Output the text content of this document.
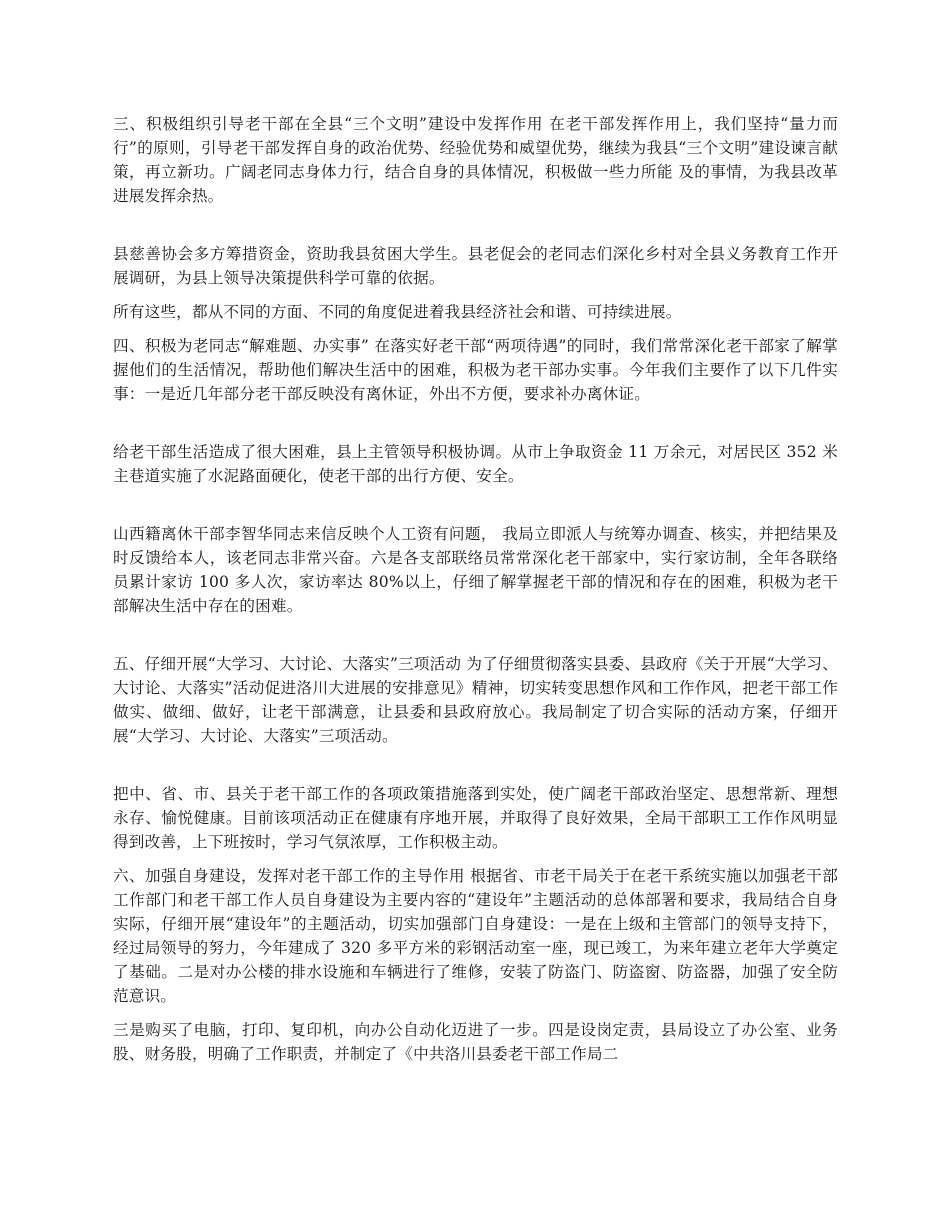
三、积极组织引导老干部在全县“三个文明”建设中发挥作用 在老干部发挥作用上，我们坚持“量力而行”的原则，引导老干部发挥自身的政治优势、经验优势和威望优势，继续为我县“三个文明”建设谏言献策，再立新功。广阔老同志身体力行，结合自身的具体情况，积极做一些力所能 及的事情，为我县改革进展发挥余热。

县慈善协会多方筹措资金，资助我县贫困大学生。县老促会的老同志们深化乡村对全县义务教育工作开展调研，为县上领导决策提供科学可靠的依据。

所有这些，都从不同的方面、不同的角度促进着我县经济社会和谐、可持续进展。

四、积极为老同志“解难题、办实事” 在落实好老干部“两项待遇”的同时，我们常常深化老干部家了解掌握他们的生活情况，帮助他们解决生活中的困难，积极为老干部办实事。今年我们主要作了以下几件实事：一是近几年部分老干部反映没有离休证，外出不方便，要求补办离休证。

给老干部生活造成了很大困难，县上主管领导积极协调。从市上争取资金 11 万余元，对居民区 352 米主巷道实施了水泥路面硬化，使老干部的出行方便、安全。

山西籍离休干部李智华同志来信反映个人工资有问题， 我局立即派人与统筹办调查、核实，并把结果及时反馈给本人，该老同志非常兴奋。六是各支部联络员常常深化老干部家中，实行家访制，全年各联络员累计家访 100 多人次，家访率达 80%以上，仔细了解掌握老干部的情况和存在的困难，积极为老干部解决生活中存在的困难。

五、仔细开展“大学习、大讨论、大落实”三项活动 为了仔细贯彻落实县委、县政府《关于开展“大学习、大讨论、大落实”活动促进洛川大进展的安排意见》精神，切实转变思想作风和工作作风，把老干部工作做实、做细、做好，让老干部满意，让县委和县政府放心。我局制定了切合实际的活动方案，仔细开展“大学习、大讨论、大落实”三项活动。

把中、省、市、县关于老干部工作的各项政策措施落到实处，使广阔老干部政治坚定、思想常新、理想永存、愉悦健康。目前该项活动正在健康有序地开展，并取得了良好效果，全局干部职工工作作风明显得到改善，上下班按时，学习气氛浓厚，工作积极主动。

六、加强自身建设，发挥对老干部工作的主导作用 根据省、市老干局关于在老干系统实施以加强老干部工作部门和老干部工作人员自身建设为主要内容的“建设年”主题活动的总体部署和要求，我局结合自身实际，仔细开展“建设年”的主题活动，切实加强部门自身建设：一是在上级和主管部门的领导支持下，经过局领导的努力，今年建成了 320 多平方米的彩钢活动室一座，现已竣工，为来年建立老年大学奠定了基础。二是对办公楼的排水设施和车辆进行了维修，安装了防盗门、防盗窗、防盗器，加强了安全防范意识。

三是购买了电脑，打印、复印机，向办公自动化迈进了一步。四是设岗定责，县局设立了办公室、业务股、财务股，明确了工作职责，并制定了《中共洛川县委老干部工作局二
